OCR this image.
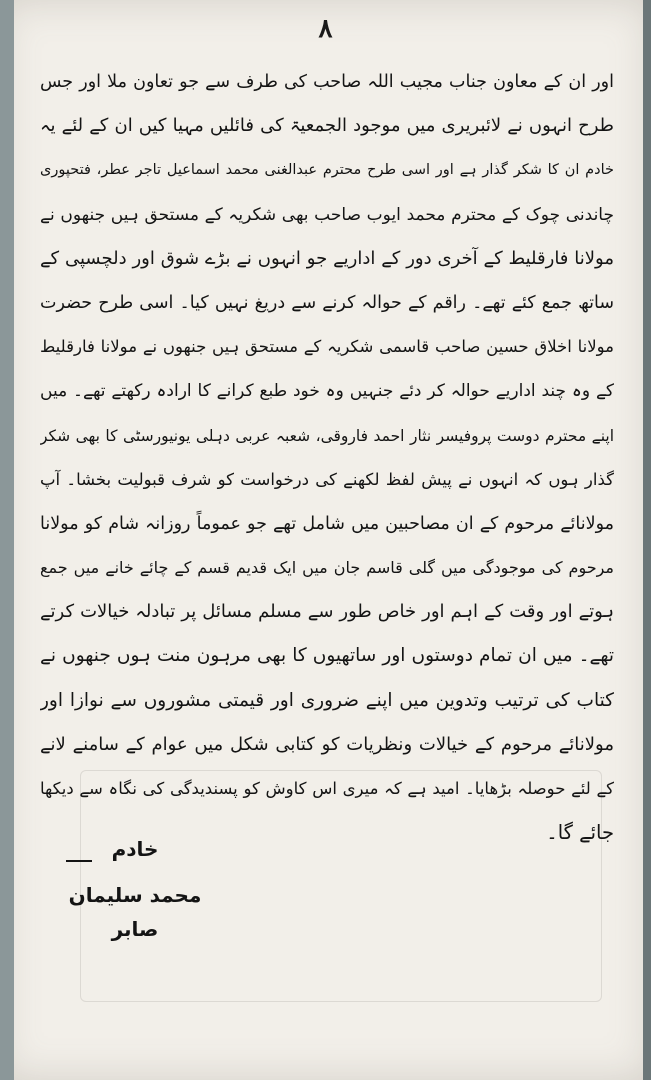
۸
اور ان کے معاون جناب مجیب اللہ صاحب کی طرف سے جو تعاون ملا اور جس
طرح انہوں نے لائبریری میں موجود الجمعیۃ کی فائلیں مہیا کیں ان کے لئے یہ
خادم ان کا شکر گذار ہے اور اسی طرح محترم عبدالغنی محمد اسماعیل تاجر عطر، فتحپوری
چاندنی چوک کے محترم محمد ایوب صاحب بھی شکریہ کے مستحق ہیں جنھوں نے
مولانا فارقلیط کے آخری دور کے اداریے جو انہوں نے بڑے شوق اور دلچسپی کے
ساتھ جمع کئے تھے۔ راقم کے حوالہ کرنے سے دریغ نہیں کیا۔ اسی طرح حضرت
مولانا اخلاق حسین صاحب قاسمی شکریہ کے مستحق ہیں جنھوں نے مولانا فارقلیط
کے وہ چند اداریے حوالہ کر دئے جنہیں وہ خود طبع کرانے کا ارادہ رکھتے تھے۔ میں
اپنے محترم دوست پروفیسر نثار احمد فاروقی، شعبہ عربی دہلی یونیورسٹی کا بھی شکر
گذار ہوں کہ انہوں نے پیش لفظ لکھنے کی درخواست کو شرف قبولیت بخشا۔ آپ
مولانائے مرحوم کے ان مصاحبین میں شامل تھے جو عموماً روزانہ شام کو مولانا
مرحوم کی موجودگی میں گلی قاسم جان میں ایک قدیم قسم کے چائے خانے میں جمع
ہوتے اور وقت کے اہم اور خاص طور سے مسلم مسائل پر تبادلہ خیالات کرتے
تھے۔ میں ان تمام دوستوں اور ساتھیوں کا بھی مرہون منت ہوں جنھوں نے
کتاب کی ترتیب وتدوین میں اپنے ضروری اور قیمتی مشوروں سے نوازا اور
مولانائے مرحوم کے خیالات ونظریات کو کتابی شکل میں عوام کے سامنے لانے
کے لئے حوصلہ بڑھایا۔ امید ہے کہ میری اس کاوش کو پسندیدگی کی نگاہ سے دیکھا
جائے گا۔
خادم
محمد سلیمان صابر
